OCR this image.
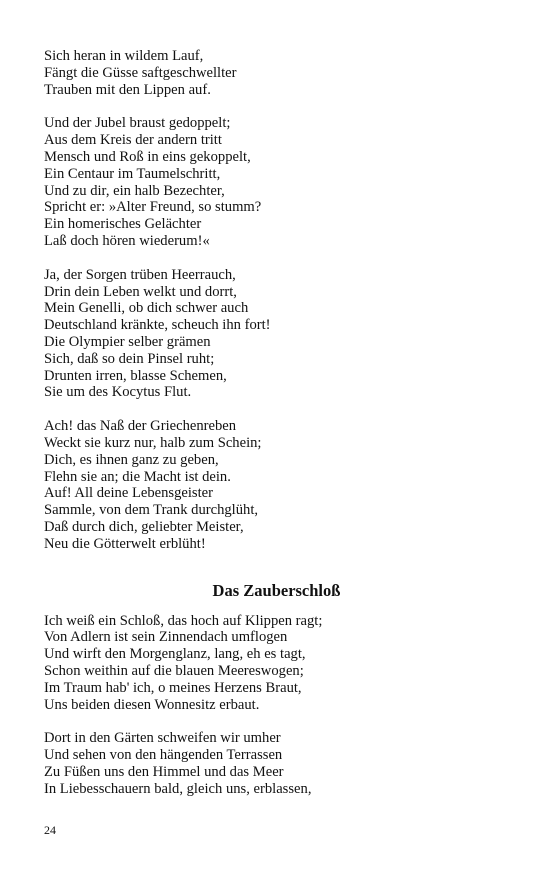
Sich heran in wildem Lauf,
Fängt die Güsse saftgeschwellter
Trauben mit den Lippen auf.
Und der Jubel braust gedoppelt;
Aus dem Kreis der andern tritt
Mensch und Roß in eins gekoppelt,
Ein Centaur im Taumelschritt,
Und zu dir, ein halb Bezechter,
Spricht er: »Alter Freund, so stumm?
Ein homerisches Gelächter
Laß doch hören wiederum!«
Ja, der Sorgen trüben Heerrauch,
Drin dein Leben welkt und dorrt,
Mein Genelli, ob dich schwer auch
Deutschland kränkte, scheuch ihn fort!
Die Olympier selber grämen
Sich, daß so dein Pinsel ruht;
Drunten irren, blasse Schemen,
Sie um des Kocytus Flut.
Ach! das Naß der Griechenreben
Weckt sie kurz nur, halb zum Schein;
Dich, es ihnen ganz zu geben,
Flehn sie an; die Macht ist dein.
Auf! All deine Lebensgeister
Sammle, von dem Trank durchglüht,
Daß durch dich, geliebter Meister,
Neu die Götterwelt erblüht!
Das Zauberschloß
Ich weiß ein Schloß, das hoch auf Klippen ragt;
Von Adlern ist sein Zinnendach umflogen
Und wirft den Morgenglanz, lang, eh es tagt,
Schon weithin auf die blauen Meereswogen;
Im Traum hab' ich, o meines Herzens Braut,
Uns beiden diesen Wonnesitz erbaut.
Dort in den Gärten schweifen wir umher
Und sehen von den hängenden Terrassen
Zu Füßen uns den Himmel und das Meer
In Liebesschauern bald, gleich uns, erblassen,
24
